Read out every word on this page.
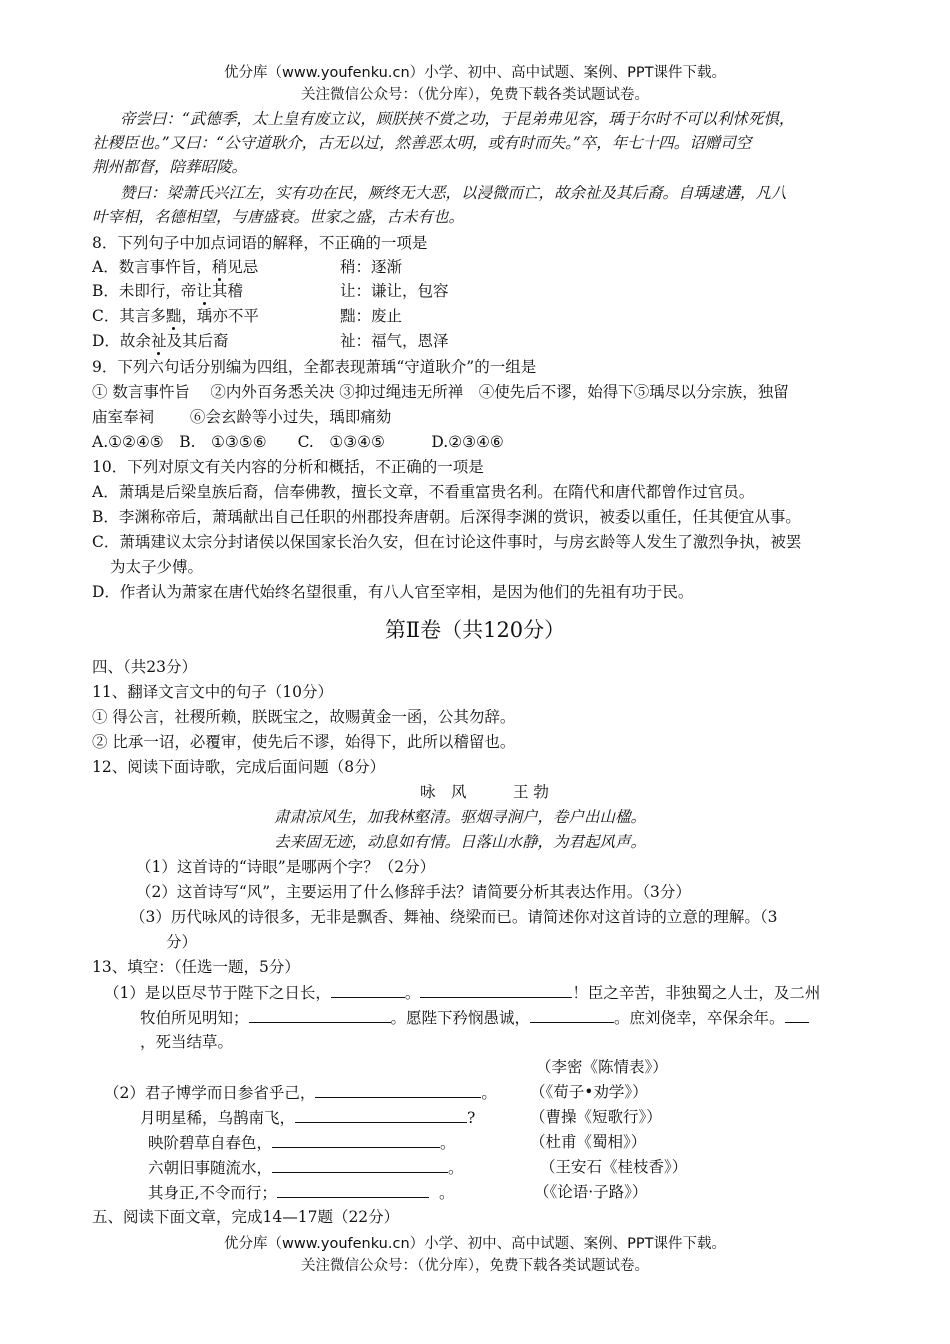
优分库（www.youfenku.cn）小学、初中、高中试题、案例、PPT课件下载。
关注微信公众号：（优分库），免费下载各类试题试卷。
帝尝曰：“武德季，太上皇有废立议，顾朕挟不赏之功，于昆弟弗见容，瑀于尔时不可以利怵死惧，
社稷臣也。”又曰：“公守道耿介，古无以过，然善恶太明，或有时而失。”卒，年七十四。诏赠司空
荆州都督，陪葬昭陵。
赞曰：梁萧氏兴江左，实有功在民，厥终无大恶，以浸微而亡，故余祉及其后裔。自瑀逮遘，凡八
叶宰相，名德相望，与唐盛衰。世家之盛，古未有也。
8．下列句子中加点词语的解释，不正确的一项是
A．数言事忤旨，稍见忌	稍：逐渐
B．未即行，帝让其稽	让：谦让，包容
C．其言多黜，瑀亦不平	黜：废止
D．故余祉及其后裔	祉：福气，恩泽
9．下列六句话分别编为四组，全都表现萧瑀“守道耿介”的一组是
① 数言事忤旨　 ②内外百务悉关决 ③抑过绳违无所禅　④使先后不谬，始得下⑤瑀尽以分宗族，独留
庙室奉祠　　 ⑥会玄龄等小过失，瑀即痛劾
A.①②④⑤　B.　①③⑤⑥　　C.　①③④⑤　　　D.②③④⑥
10．下列对原文有关内容的分析和概括，不正确的一项是
A．萧瑀是后梁皇族后裔，信奉佛教，擅长文章，不看重富贵名利。在隋代和唐代都曾作过官员。
B．李渊称帝后，萧瑀献出自己任职的州郡投奔唐朝。后深得李渊的赏识，被委以重任，任其便宜从事。
C．萧瑀建议太宗分封诸侯以保国家长治久安，但在讨论这件事时，与房玄龄等人发生了激烈争执，被罢
为太子少傅。
D．作者认为萧家在唐代始终名望很重，有八人官至宰相，是因为他们的先祖有功于民。
第Ⅱ卷（共120分）
四、（共23分）
11、翻译文言文中的句子（10分）
① 得公言，社稷所赖，朕既宝之，故赐黄金一函，公其勿辞。
② 比承一诏，必覆审，使先后不谬，始得下，此所以稽留也。
12、阅读下面诗歌，完成后面问题（8分）
咏　风　　　王 勃
肃肃凉风生，加我林壑清。驱烟寻涧户，卷户出山楹。
去来固无迹，动息如有情。日落山水静，为君起风声。
（1）这首诗的“诗眼”是哪两个字？（2分）
（2）这首诗写“风”，主要运用了什么修辞手法？请简要分析其表达作用。（3分）
（3）历代咏风的诗很多，无非是飘香、舞袖、绕梁而已。请简述你对这首诗的立意的理解。（3
分）
13、填空：（任选一题，5分）
（1）是以臣尽节于陛下之日长，	。	！臣之辛苦，非独蜀之人士，及二州
牧伯所见明知；	。愿陛下矜悯愚诚，	。庶刘侥幸，卒保余年。
，死当结草。
（李密《陈情表》）
（2）君子博学而日参省乎己，	。 （《荀子•劝学》）
月明星稀，乌鹊南飞，	?	（曹操《短歌行》）
映阶碧草自春色，	。	（杜甫《蜀相》）
六朝旧事随流水，	。	（王安石《桂枝香》）
其身正,不令而行；	。	（《论语·子路》）
五、阅读下面文章，完成14—17题（22分）
优分库（www.youfenku.cn）小学、初中、高中试题、案例、PPT课件下载。
关注微信公众号：（优分库），免费下载各类试题试卷。
